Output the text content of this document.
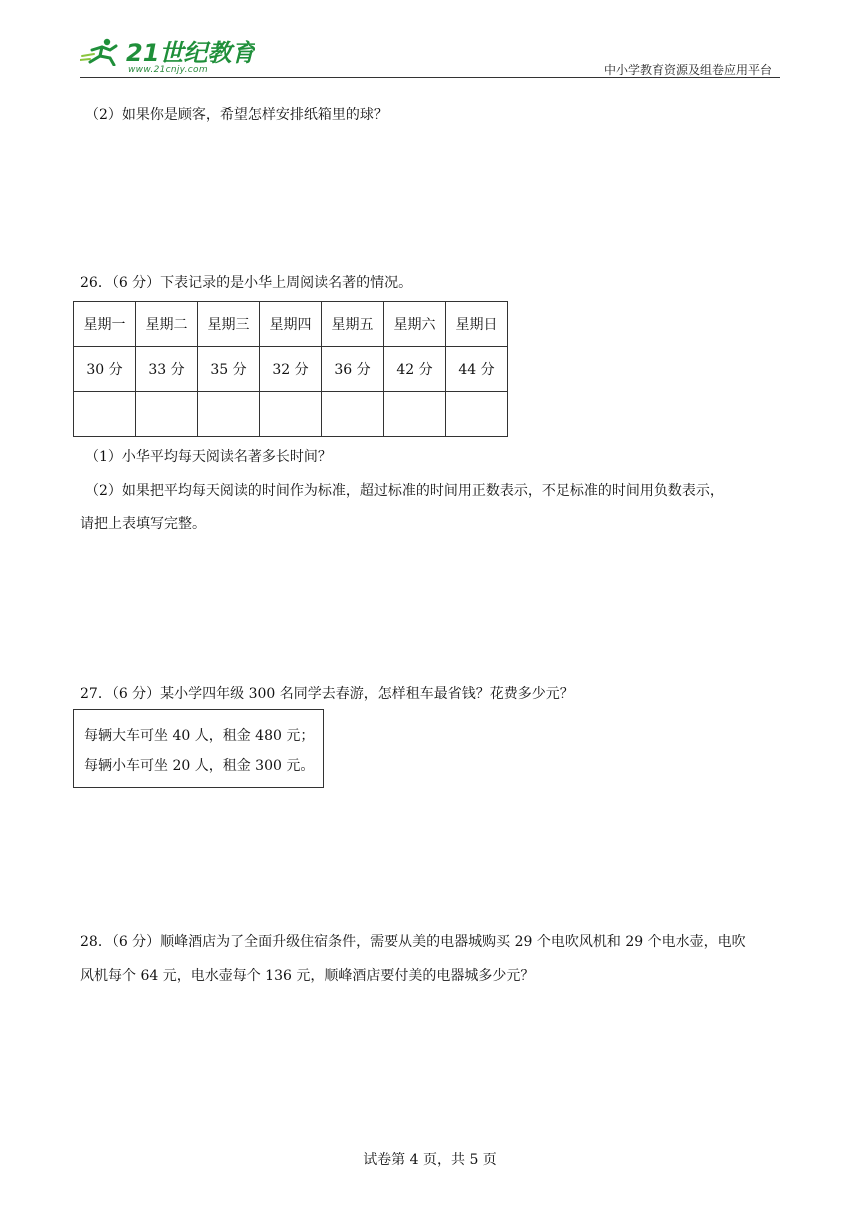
21世纪教育
www.21cnjy.com	中小学教育资源及组卷应用平台
（2）如果你是顾客，希望怎样安排纸箱里的球？
26．（6 分）下表记录的是小华上周阅读名著的情况。
星期一	星期二	星期三	星期四	星期五	星期六	星期日
30 分	33 分	35 分	32 分	36 分	42 分	44 分

（1）小华平均每天阅读名著多长时间？
（2）如果把平均每天阅读的时间作为标准，超过标准的时间用正数表示，不足标准的时间用负数表示，
请把上表填写完整。
27．（6 分）某小学四年级 300 名同学去春游，怎样租车最省钱？花费多少元？
每辆大车可坐 40 人，租金 480 元；
每辆小车可坐 20 人，租金 300 元。
28．（6 分）顺峰酒店为了全面升级住宿条件，需要从美的电器城购买 29 个电吹风机和 29 个电水壶，电吹
风机每个 64 元，电水壶每个 136 元，顺峰酒店要付美的电器城多少元？
试卷第 4 页，共 5 页
